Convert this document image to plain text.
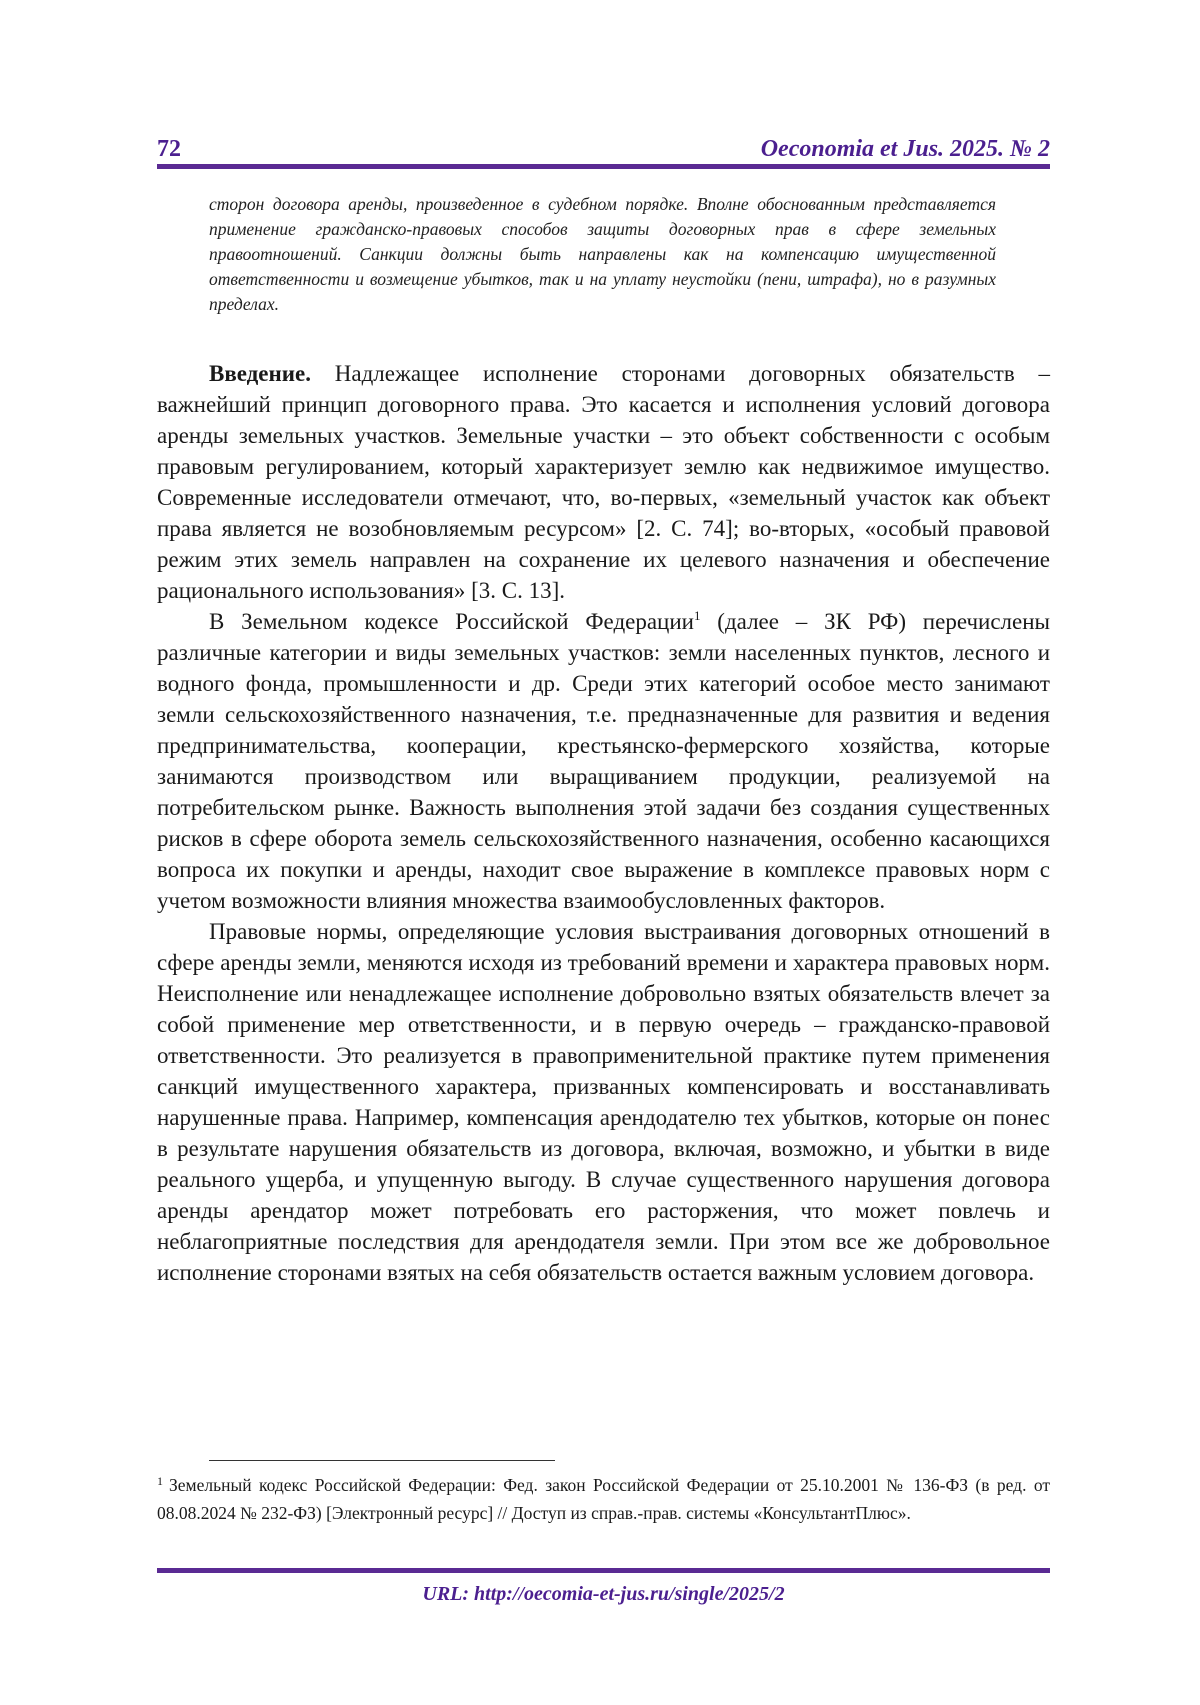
72	Oeconomia et Jus. 2025. № 2

сторон договора аренды, произведенное в судебном порядке. Вполне обоснованным представляется применение гражданско-правовых способов защиты договорных прав в сфере земельных правоотношений. Санкции должны быть направлены как на компенсацию имущественной ответственности и возмещение убытков, так и на уплату неустойки (пени, штрафа), но в разумных пределах.

Введение. Надлежащее исполнение сторонами договорных обязательств – важнейший принцип договорного права. Это касается и исполнения условий договора аренды земельных участков. Земельные участки – это объект собственности с особым правовым регулированием, который характеризует землю как недвижимое имущество. Современные исследователи отмечают, что, во-первых, «земельный участок как объект права является не возобновляемым ресурсом» [2. С. 74]; во-вторых, «особый правовой режим этих земель направлен на сохранение их целевого назначения и обеспечение рационального использования» [3. С. 13].

В Земельном кодексе Российской Федерации$^1$ (далее – ЗК РФ) перечислены различные категории и виды земельных участков: земли населенных пунктов, лесного и водного фонда, промышленности и др. Среди этих категорий особое место занимают земли сельскохозяйственного назначения, т.е. предназначенные для развития и ведения предпринимательства, кооперации, крестьянско-фермерского хозяйства, которые занимаются производством или выращиванием продукции, реализуемой на потребительском рынке. Важность выполнения этой задачи без создания существенных рисков в сфере оборота земель сельскохозяйственного назначения, особенно касающихся вопроса их покупки и аренды, находит свое выражение в комплексе правовых норм с учетом возможности влияния множества взаимообусловленных факторов.

Правовые нормы, определяющие условия выстраивания договорных отношений в сфере аренды земли, меняются исходя из требований времени и характера правовых норм. Неисполнение или ненадлежащее исполнение добровольно взятых обязательств влечет за собой применение мер ответственности, и в первую очередь – гражданско-правовой ответственности. Это реализуется в правоприменительной практике путем применения санкций имущественного характера, призванных компенсировать и восстанавливать нарушенные права. Например, компенсация арендодателю тех убытков, которые он понес в результате нарушения обязательств из договора, включая, возможно, и убытки в виде реального ущерба, и упущенную выгоду. В случае существенного нарушения договора аренды арендатор может потребовать его расторжения, что может повлечь и неблагоприятные последствия для арендодателя земли. При этом все же добровольное исполнение сторонами взятых на себя обязательств остается важным условием договора.

$^1$ Земельный кодекс Российской Федерации: Фед. закон Российской Федерации от 25.10.2001 № 136-ФЗ (в ред. от 08.08.2024 № 232-ФЗ) [Электронный ресурс] // Доступ из справ.-прав. системы «КонсультантПлюс».

URL: http://oecomia-et-jus.ru/single/2025/2
